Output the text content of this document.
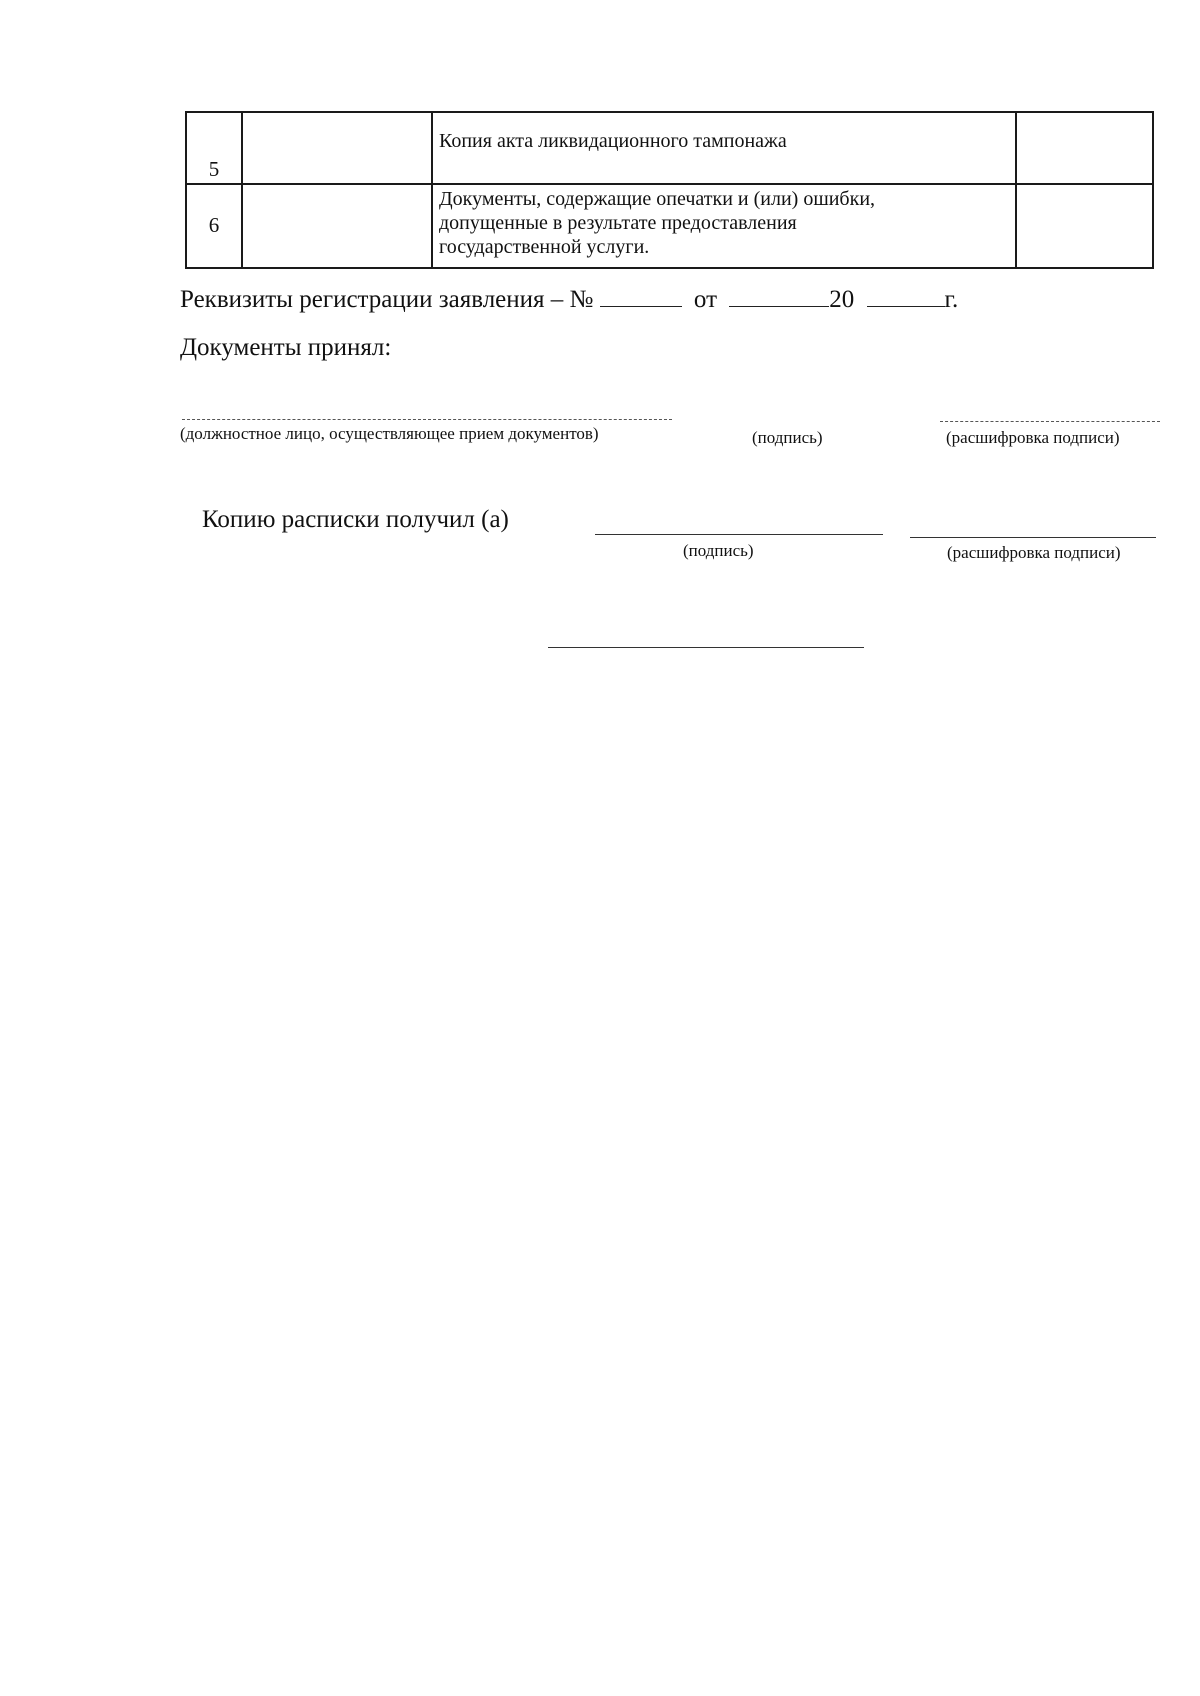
5		Копия акта ликвидационного тампонажа	
6		Документы, содержащие опечатки и (или) ошибки,
допущенные в результате предоставления
государственной услуги.	

Реквизиты регистрации заявления – №	от	20	г.
Документы принял:
(должностное лицо, осуществляющее прием документов)	(подпись)	(расшифровка подписи)
Копию расписки получил (а)
(подпись)	(расшифровка подписи)
